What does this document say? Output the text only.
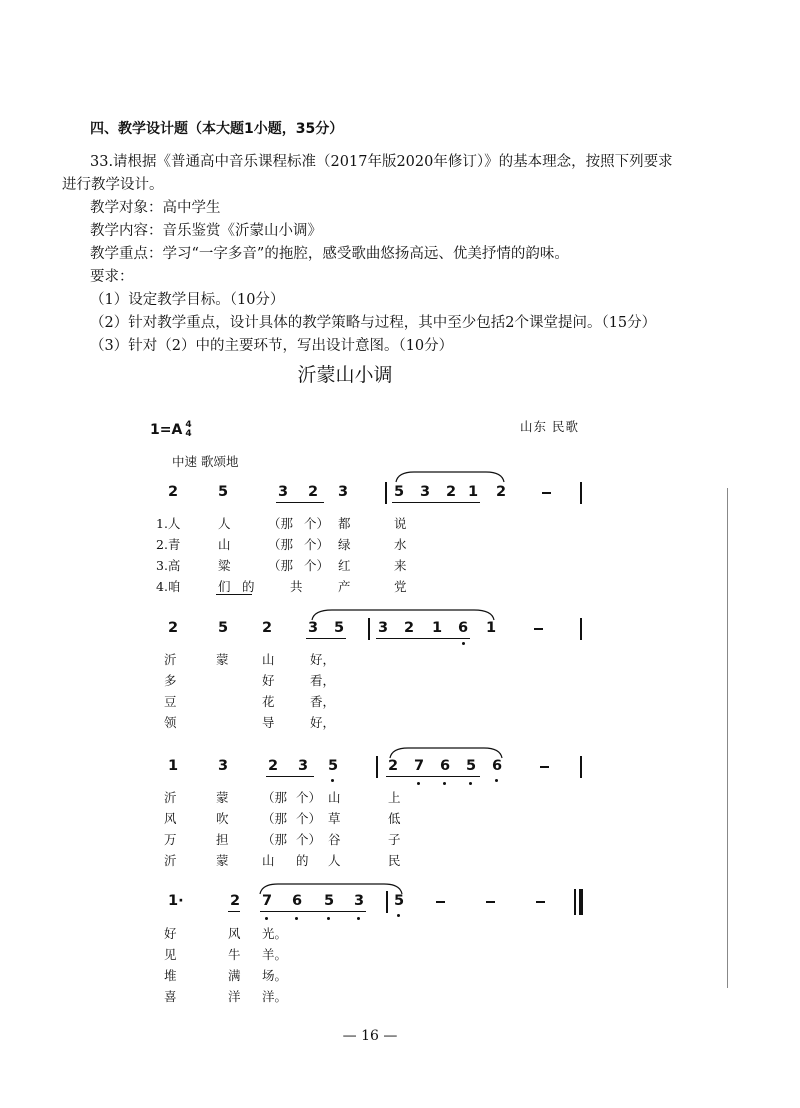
四、教学设计题（本大题1小题，35分）
33.请根据《普通高中音乐课程标准（2017年版2020年修订）》的基本理念，按照下列要求
进行教学设计。
教学对象：高中学生
教学内容：音乐鉴赏《沂蒙山小调》
教学重点：学习“一字多音”的拖腔，感受歌曲悠扬高远、优美抒情的韵味。
要求：
（1）设定教学目标。（10分）
（2）针对教学重点，设计具体的教学策略与过程，其中至少包括2个课堂提问。（15分）
（3）针对（2）中的主要环节，写出设计意图。（10分）
沂蒙山小调
1=A 4
4	山东 民歌
中速 歌颂地
2	5	3 2 3	5 3 2 1 2
1.人	人	（那 个） 都	说
2.青	山	（那 个） 绿	水
3.高	粱	（那 个） 红	来
4.咱	们 的	共	产	党
2	5 2 3 5 3 2 1 6 1
沂	蒙	山	好，
多	好	看，
豆	花	香，
领	导	好，
1	3	2 3 5	2 7 6 5 6
沂	蒙	（那 个） 山	上
风	吹	（那 个） 草	低
万	担	（那 个） 谷	子
沂	蒙	山 的 人	民
1·	2 7 6 5 3 5
好	风 光。
见	牛 羊。
堆	满 场。
喜	洋 洋。
— 16 —
